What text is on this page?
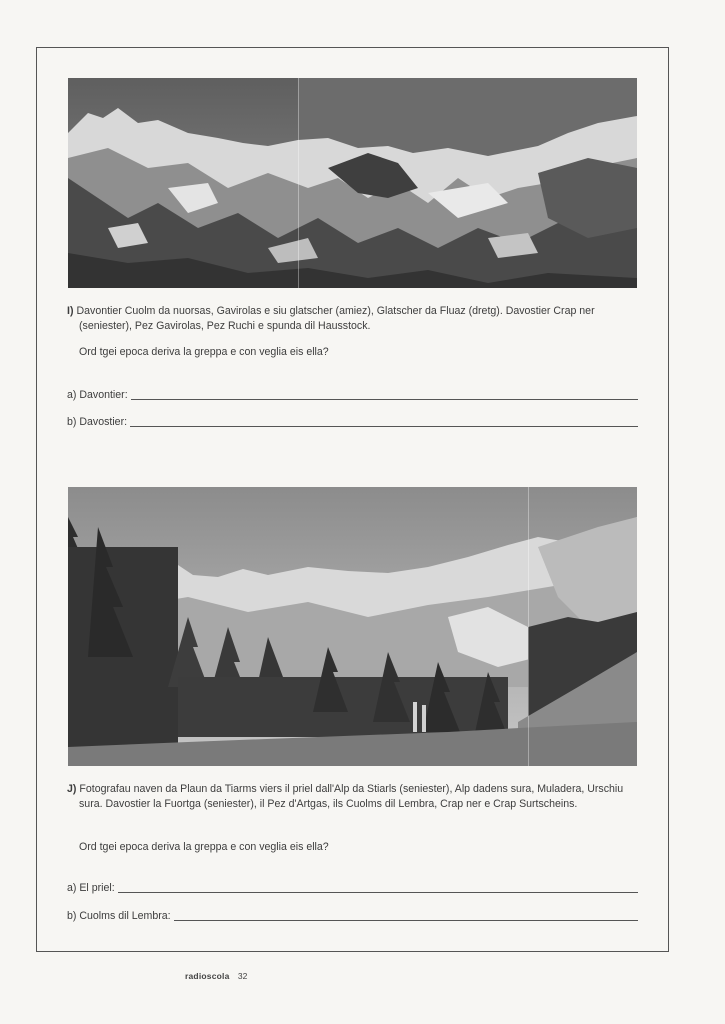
I) Davontier Cuolm da nuorsas, Gavirolas e siu glatscher (amiez), Glatscher da Fluaz (dretg). Davostier Crap ner (seniester), Pez Gavirolas, Pez Ruchi e spunda dil Hausstock.

Ord tgei epoca deriva la greppa e con veglia eis ella?
a) Davontier:
b) Davostier:

J) Fotografau naven da Plaun da Tiarms viers il priel dall'Alp da Stiarls (seniester), Alp dadens sura, Muladera, Urschiu sura. Davostier la Fuortga (seniester), il Pez d'Artgas, ils Cuolms dil Lembra, Crap ner e Crap Surtscheins.

Ord tgei epoca deriva la greppa e con veglia eis ella?
a) El priel:
b) Cuolms dil Lembra:
radioscola 32
